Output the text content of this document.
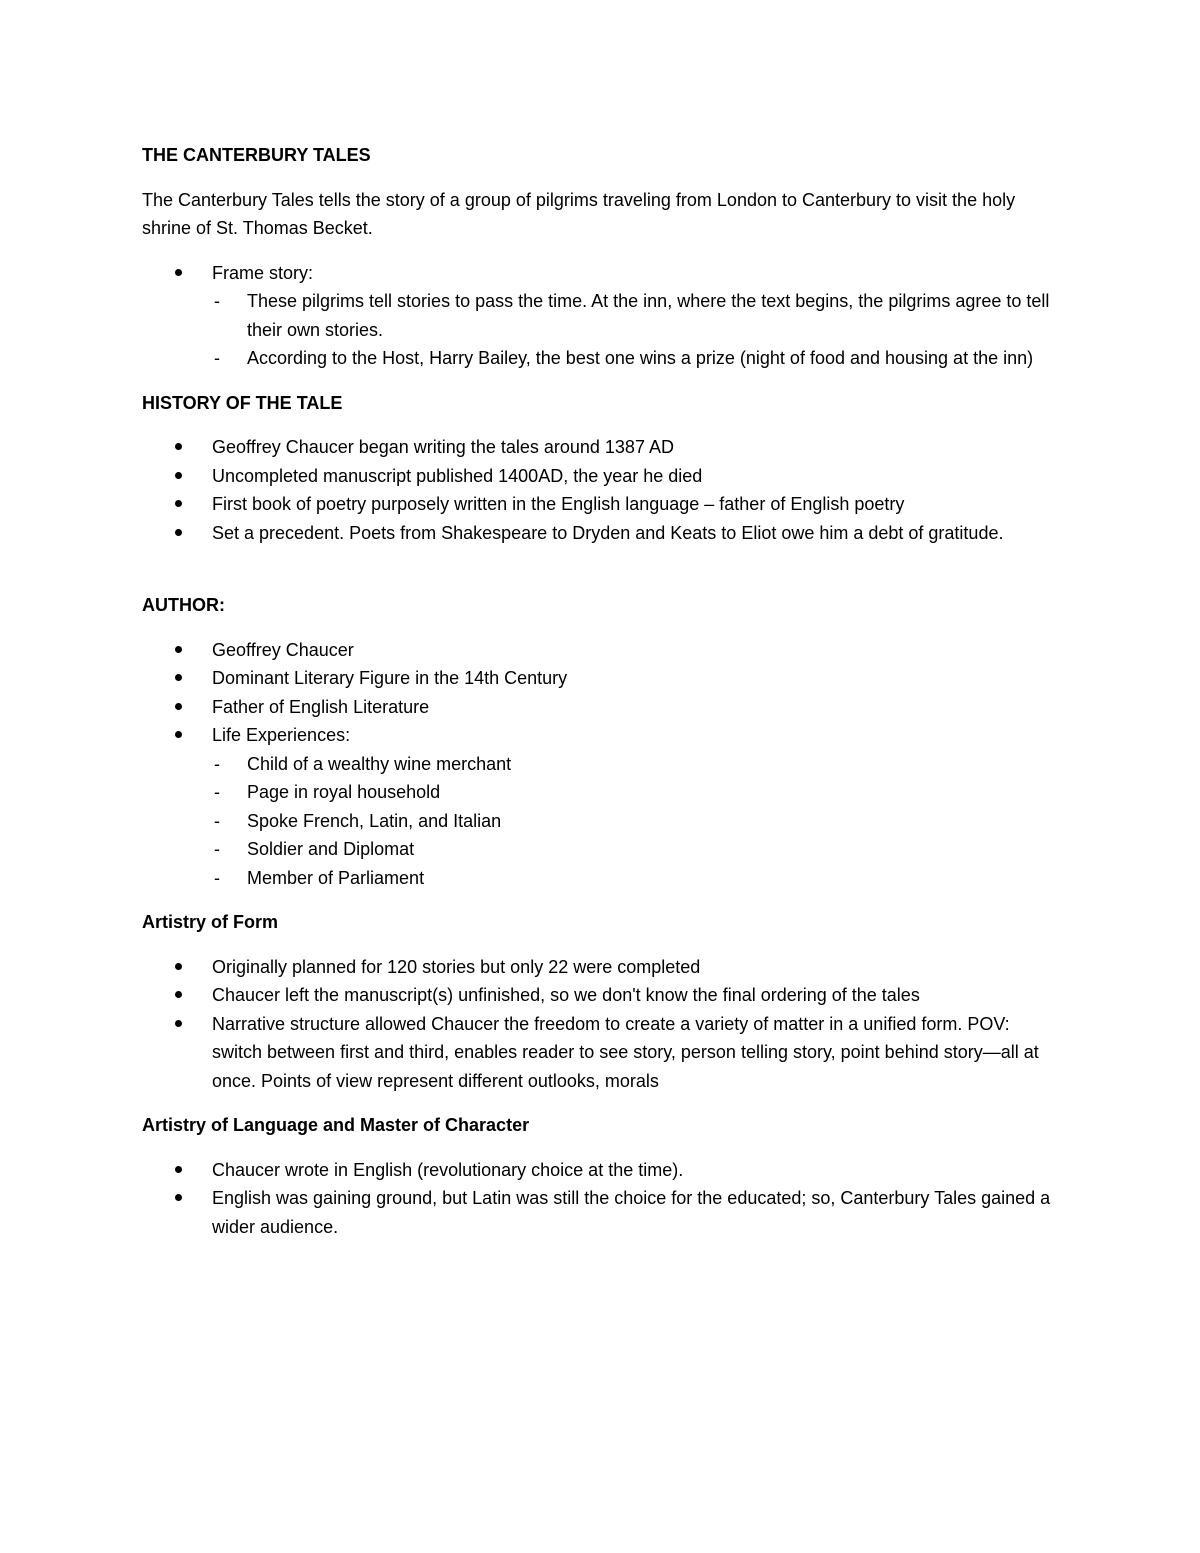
THE CANTERBURY TALES

The Canterbury Tales tells the story of a group of pilgrims traveling from London to Canterbury to visit the holy shrine of St. Thomas Becket.

Frame story:
- These pilgrims tell stories to pass the time. At the inn, where the text begins, the pilgrims agree to tell their own stories.
- According to the Host, Harry Bailey, the best one wins a prize (night of food and housing at the inn)
HISTORY OF THE TALE
Geoffrey Chaucer began writing the tales around 1387 AD
Uncompleted manuscript published 1400AD, the year he died
First book of poetry purposely written in the English language – father of English poetry
Set a precedent. Poets from Shakespeare to Dryden and Keats to Eliot owe him a debt of gratitude.
AUTHOR:
Geoffrey Chaucer
Dominant Literary Figure in the 14th Century
Father of English Literature
Life Experiences:
- Child of a wealthy wine merchant
- Page in royal household
- Spoke French, Latin, and Italian
- Soldier and Diplomat
- Member of Parliament
Artistry of Form
Originally planned for 120 stories but only 22 were completed
Chaucer left the manuscript(s) unfinished, so we don't know the final ordering of the tales
Narrative structure allowed Chaucer the freedom to create a variety of matter in a unified form. POV: switch between first and third, enables reader to see story, person telling story, point behind story—all at once. Points of view represent different outlooks, morals
Artistry of Language and Master of Character
Chaucer wrote in English (revolutionary choice at the time).
English was gaining ground, but Latin was still the choice for the educated; so, Canterbury Tales gained a wider audience.
